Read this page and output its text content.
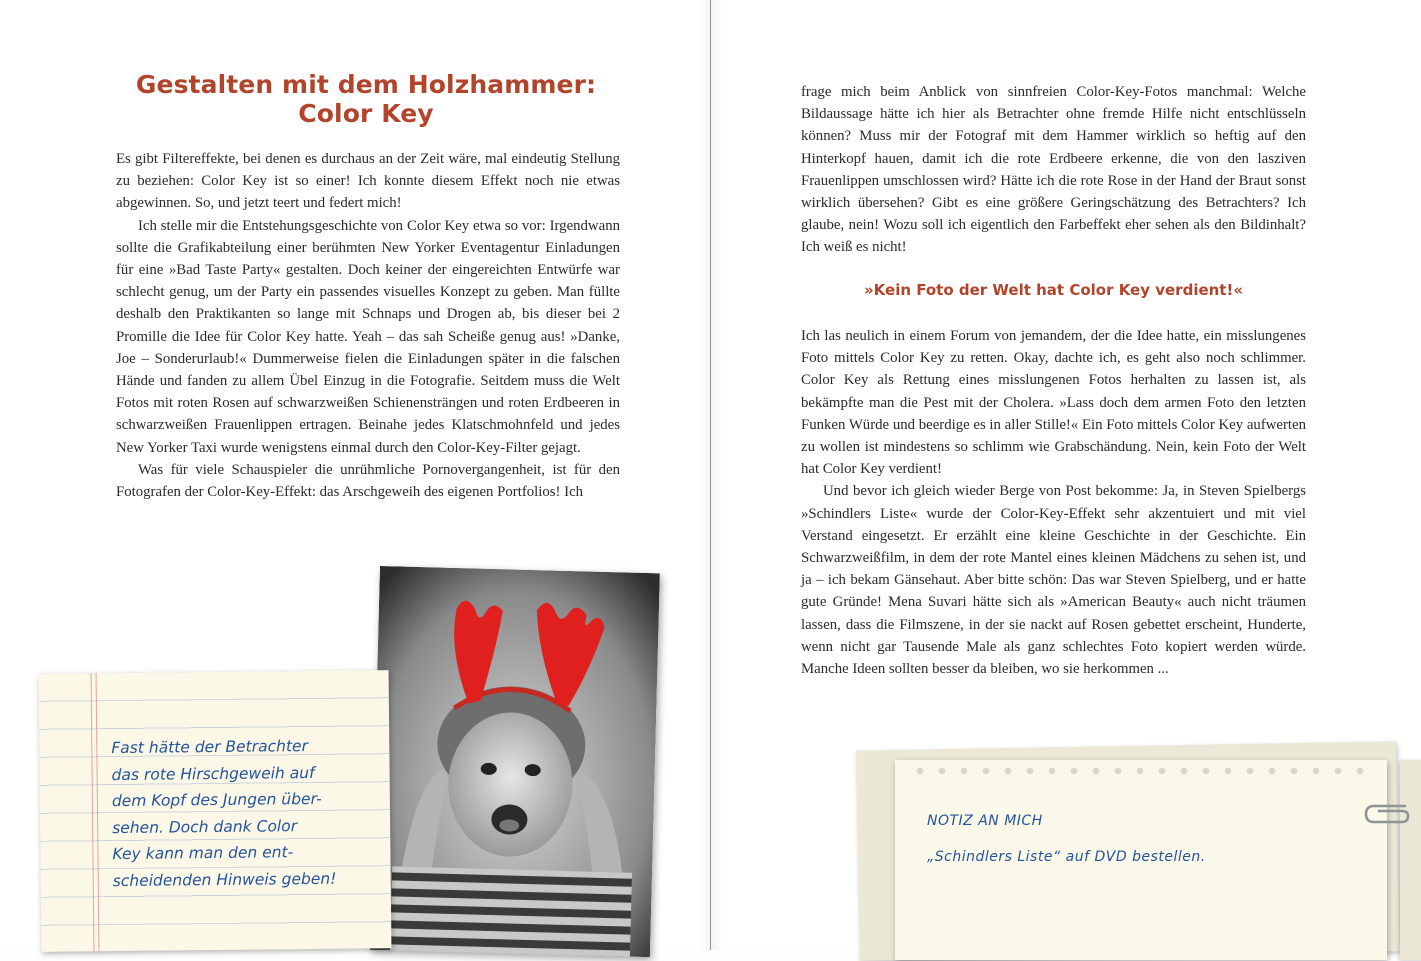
Gestalten mit dem Holzhammer: Color Key

Es gibt Filtereffekte, bei denen es durchaus an der Zeit wäre, mal eindeutig Stellung zu beziehen: Color Key ist so einer! Ich konnte diesem Effekt noch nie etwas abgewinnen. So, und jetzt teert und federt mich!

Ich stelle mir die Entstehungsgeschichte von Color Key etwa so vor: Irgendwann sollte die Grafikabteilung einer berühmten New Yorker Eventagentur Einladungen für eine »Bad Taste Party« gestalten. Doch keiner der eingereichten Entwürfe war schlecht genug, um der Party ein passendes visuelles Konzept zu geben. Man füllte deshalb den Praktikanten so lange mit Schnaps und Drogen ab, bis dieser bei 2 Promille die Idee für Color Key hatte. Yeah – das sah Scheiße genug aus! »Danke, Joe – Sonderurlaub!« Dummerweise fielen die Einladungen später in die falschen Hände und fanden zu allem Übel Einzug in die Fotografie. Seitdem muss die Welt Fotos mit roten Rosen auf schwarzweißen Schienensträngen und roten Erdbeeren in schwarzweißen Frauenlippen ertragen. Beinahe jedes Klatschmohnfeld und jedes New Yorker Taxi wurde wenigstens einmal durch den Color-Key-Filter gejagt.

Was für viele Schauspieler die unrühmliche Pornovergangenheit, ist für den Fotografen der Color-Key-Effekt: das Arschgeweih des eigenen Portfolios! Ich

Fast hätte der Betrachter
das rote Hirschgeweih auf
dem Kopf des Jungen über-
sehen. Doch dank Color
Key kann man den ent-
scheidenden Hinweis geben!

frage mich beim Anblick von sinnfreien Color-Key-Fotos manchmal: Welche Bildaussage hätte ich hier als Betrachter ohne fremde Hilfe nicht entschlüsseln können? Muss mir der Fotograf mit dem Hammer wirklich so heftig auf den Hinterkopf hauen, damit ich die rote Erdbeere erkenne, die von den lasziven Frauenlippen umschlossen wird? Hätte ich die rote Rose in der Hand der Braut sonst wirklich übersehen? Gibt es eine größere Geringschätzung des Betrachters? Ich glaube, nein! Wozu soll ich eigentlich den Farbeffekt eher sehen als den Bildinhalt? Ich weiß es nicht!

»Kein Foto der Welt hat Color Key verdient!«

Ich las neulich in einem Forum von jemandem, der die Idee hatte, ein misslungenes Foto mittels Color Key zu retten. Okay, dachte ich, es geht also noch schlimmer. Color Key als Rettung eines misslungenen Fotos herhalten zu lassen ist, als bekämpfte man die Pest mit der Cholera. »Lass doch dem armen Foto den letzten Funken Würde und beerdige es in aller Stille!« Ein Foto mittels Color Key aufwerten zu wollen ist mindestens so schlimm wie Grabschändung. Nein, kein Foto der Welt hat Color Key verdient!

Und bevor ich gleich wieder Berge von Post bekomme: Ja, in Steven Spielbergs »Schindlers Liste« wurde der Color-Key-Effekt sehr akzentuiert und mit viel Verstand eingesetzt. Er erzählt eine kleine Geschichte in der Geschichte. Ein Schwarzweißfilm, in dem der rote Mantel eines kleinen Mädchens zu sehen ist, und ja – ich bekam Gänsehaut. Aber bitte schön: Das war Steven Spielberg, und er hatte gute Gründe! Mena Suvari hätte sich als »American Beauty« auch nicht träumen lassen, dass die Filmszene, in der sie nackt auf Rosen gebettet erscheint, Hunderte, wenn nicht gar Tausende Male als ganz schlechtes Foto kopiert werden würde. Manche Ideen sollten besser da bleiben, wo sie herkommen ...

NOTIZ AN MICH
„Schindlers Liste“ auf DVD bestellen.
